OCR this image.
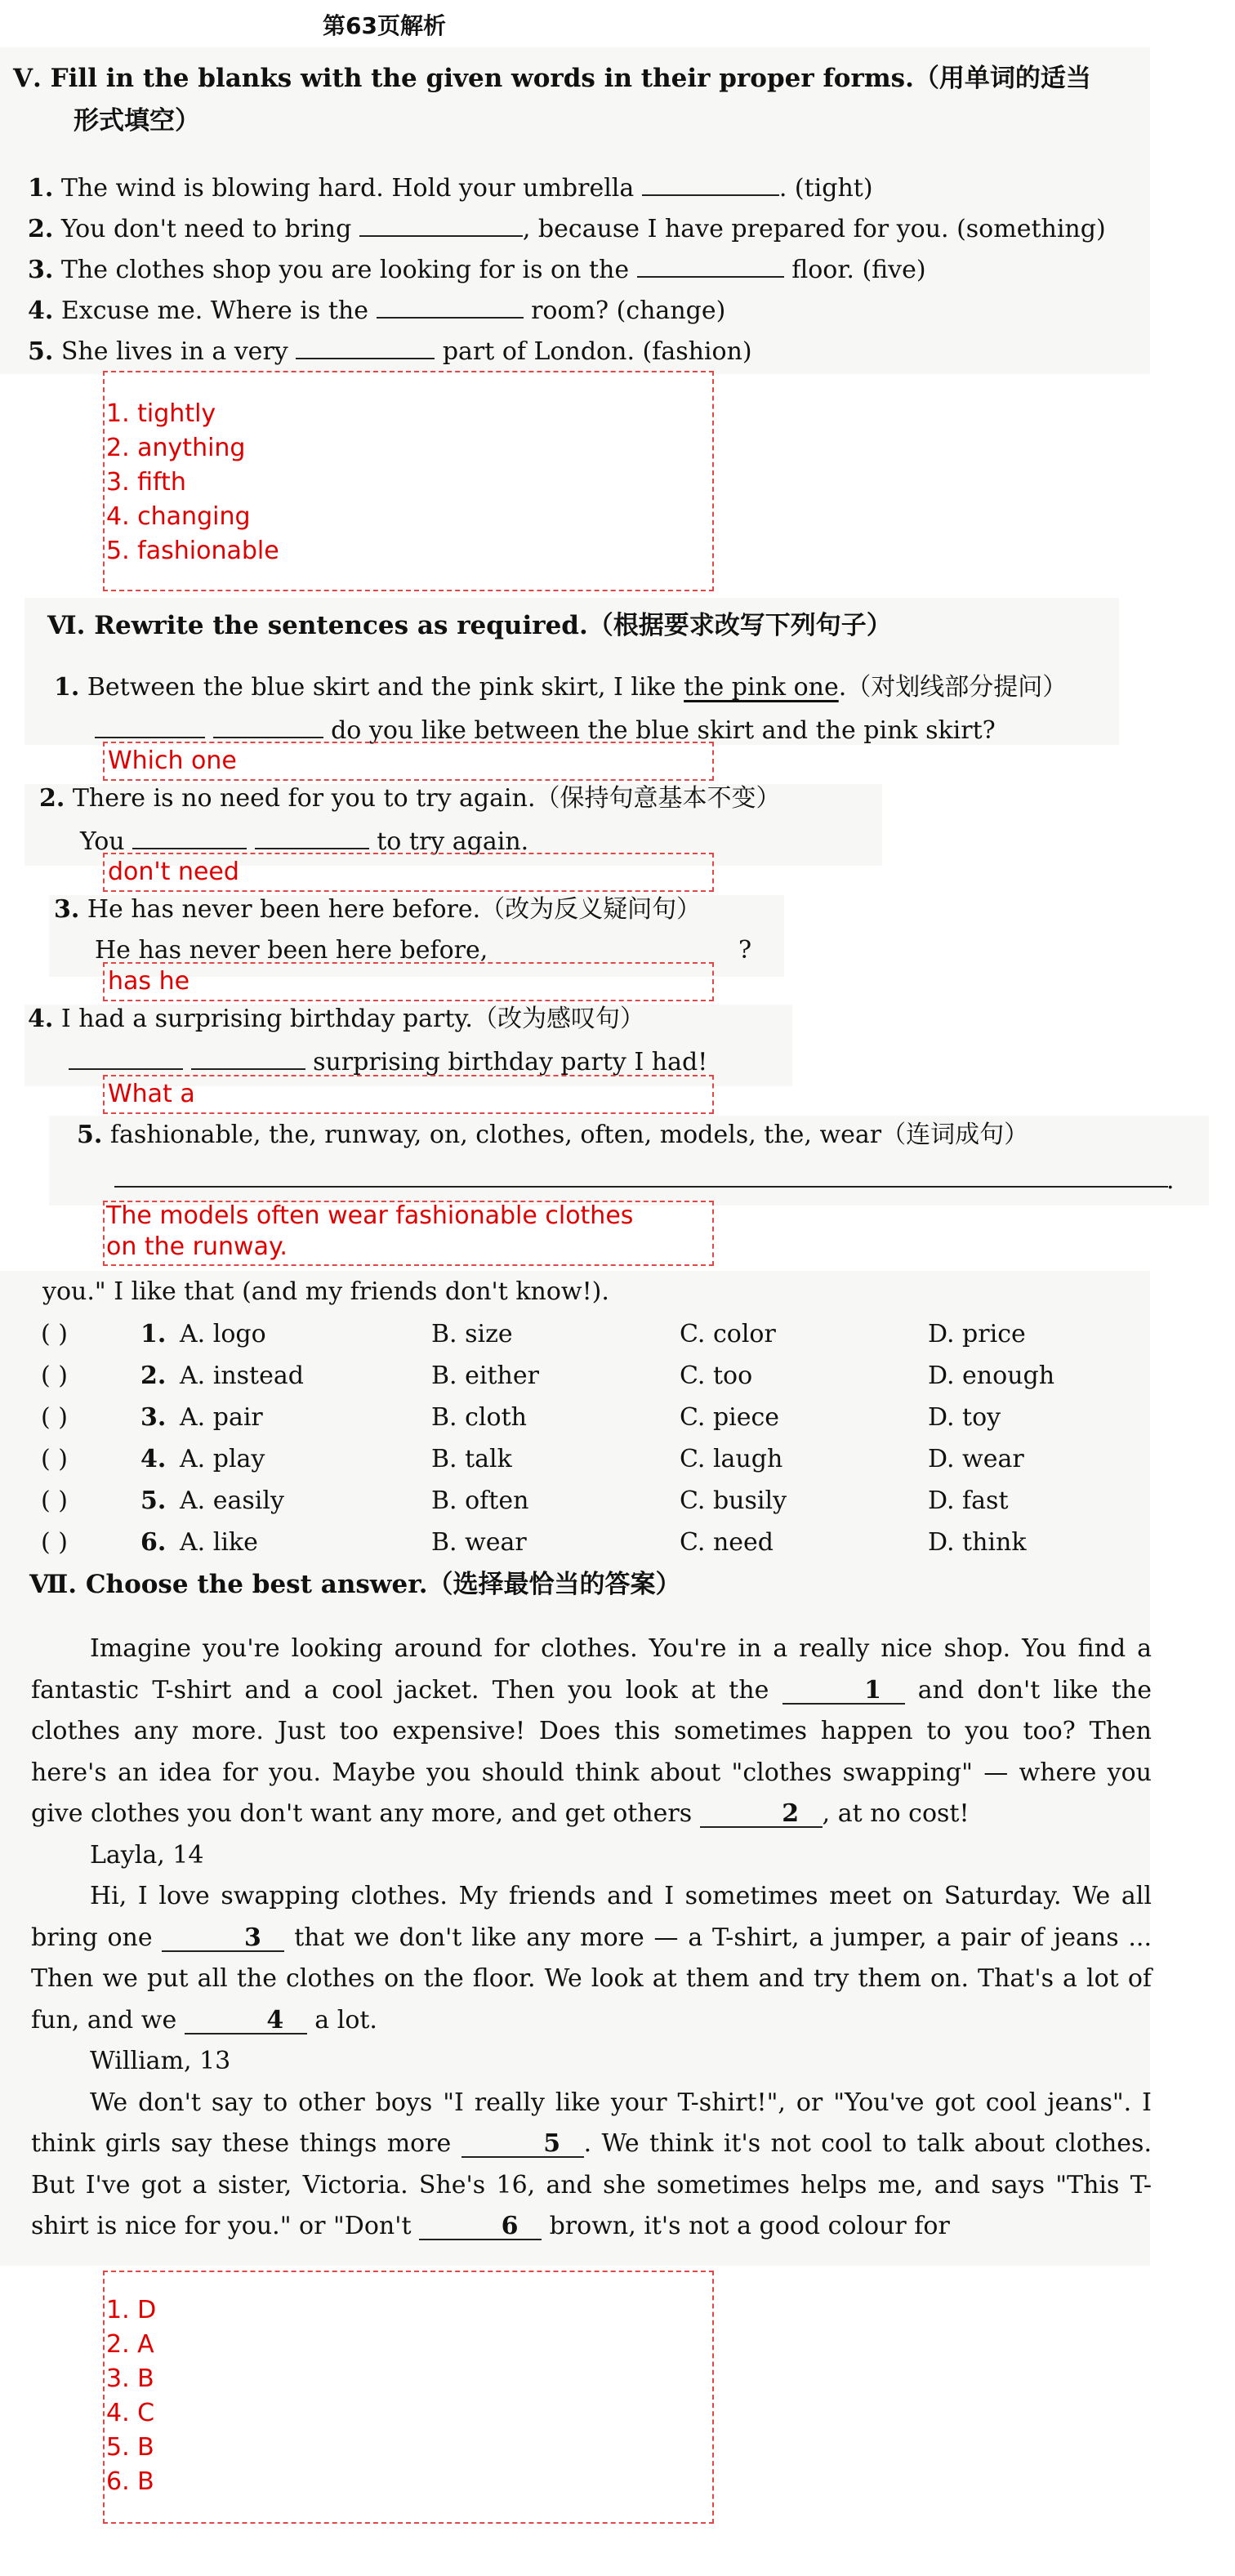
第63页解析
Ⅴ. Fill in the blanks with the given words in their proper forms.（用单词的适当
形式填空）
1. The wind is blowing hard. Hold your umbrella	. (tight)
2. You don't need to bring	, because I have prepared for you. (something)
3. The clothes shop you are looking for is on the	floor. (five)
4. Excuse me. Where is the	room? (change)
5. She lives in a very	part of London. (fashion)
1. tightly
2. anything
3. fifth
4. changing
5. fashionable
Ⅵ. Rewrite the sentences as required.（根据要求改写下列句子）
1. Between the blue skirt and the pink skirt, I like the pink one.（对划线部分提问）
do you like between the blue skirt and the pink skirt?
Which one
2. There is no need for you to try again.（保持句意基本不变）
You	to try again.
don't need
3. He has never been here before.（改为反义疑问句）
He has never been here before,	?
has he
4. I had a surprising birthday party.（改为感叹句）
surprising birthday party I had!
What a
5. fashionable, the, runway, on, clothes, often, models, the, wear（连词成句）
.
The models often wear fashionable clothes
on the runway.
you." I like that (and my friends don't know!).
( )	1. A. logo	B. size	C. color	D. price
( )	2. A. instead	B. either	C. too	D. enough
( )	3. A. pair	B. cloth	C. piece	D. toy
( )	4. A. play	B. talk	C. laugh	D. wear
( )	5. A. easily	B. often	C. busily	D. fast
( )	6. A. like	B. wear	C. need	D. think
Ⅶ. Choose the best answer.（选择最恰当的答案）

Imagine you're looking around for clothes. You're in a really nice shop. You find a fantastic T-shirt and a cool jacket. Then you look at the	1 and don't like the clothes any more. Just too expensive! Does this sometimes happen to you too? Then here's an idea for you. Maybe you should think about "clothes swapping" — where you give clothes you don't want any more, and get others	2 , at no cost!

Layla, 14

Hi, I love swapping clothes. My friends and I sometimes meet on Saturday. We all bring one	3 that we don't like any more — a T-shirt, a jumper, a pair of jeans ... Then we put all the clothes on the floor. We look at them and try them on. That's a lot of fun, and we	4 a lot.

William, 13

We don't say to other boys "I really like your T-shirt!", or "You've got cool jeans". I think girls say these things more	5 . We think it's not cool to talk about clothes. But I've got a sister, Victoria. She's 16, and she sometimes helps me, and says "This T-shirt is nice for you." or "Don't	6 brown, it's not a good colour for

1. D
2. A
3. B
4. C
5. B
6. B
